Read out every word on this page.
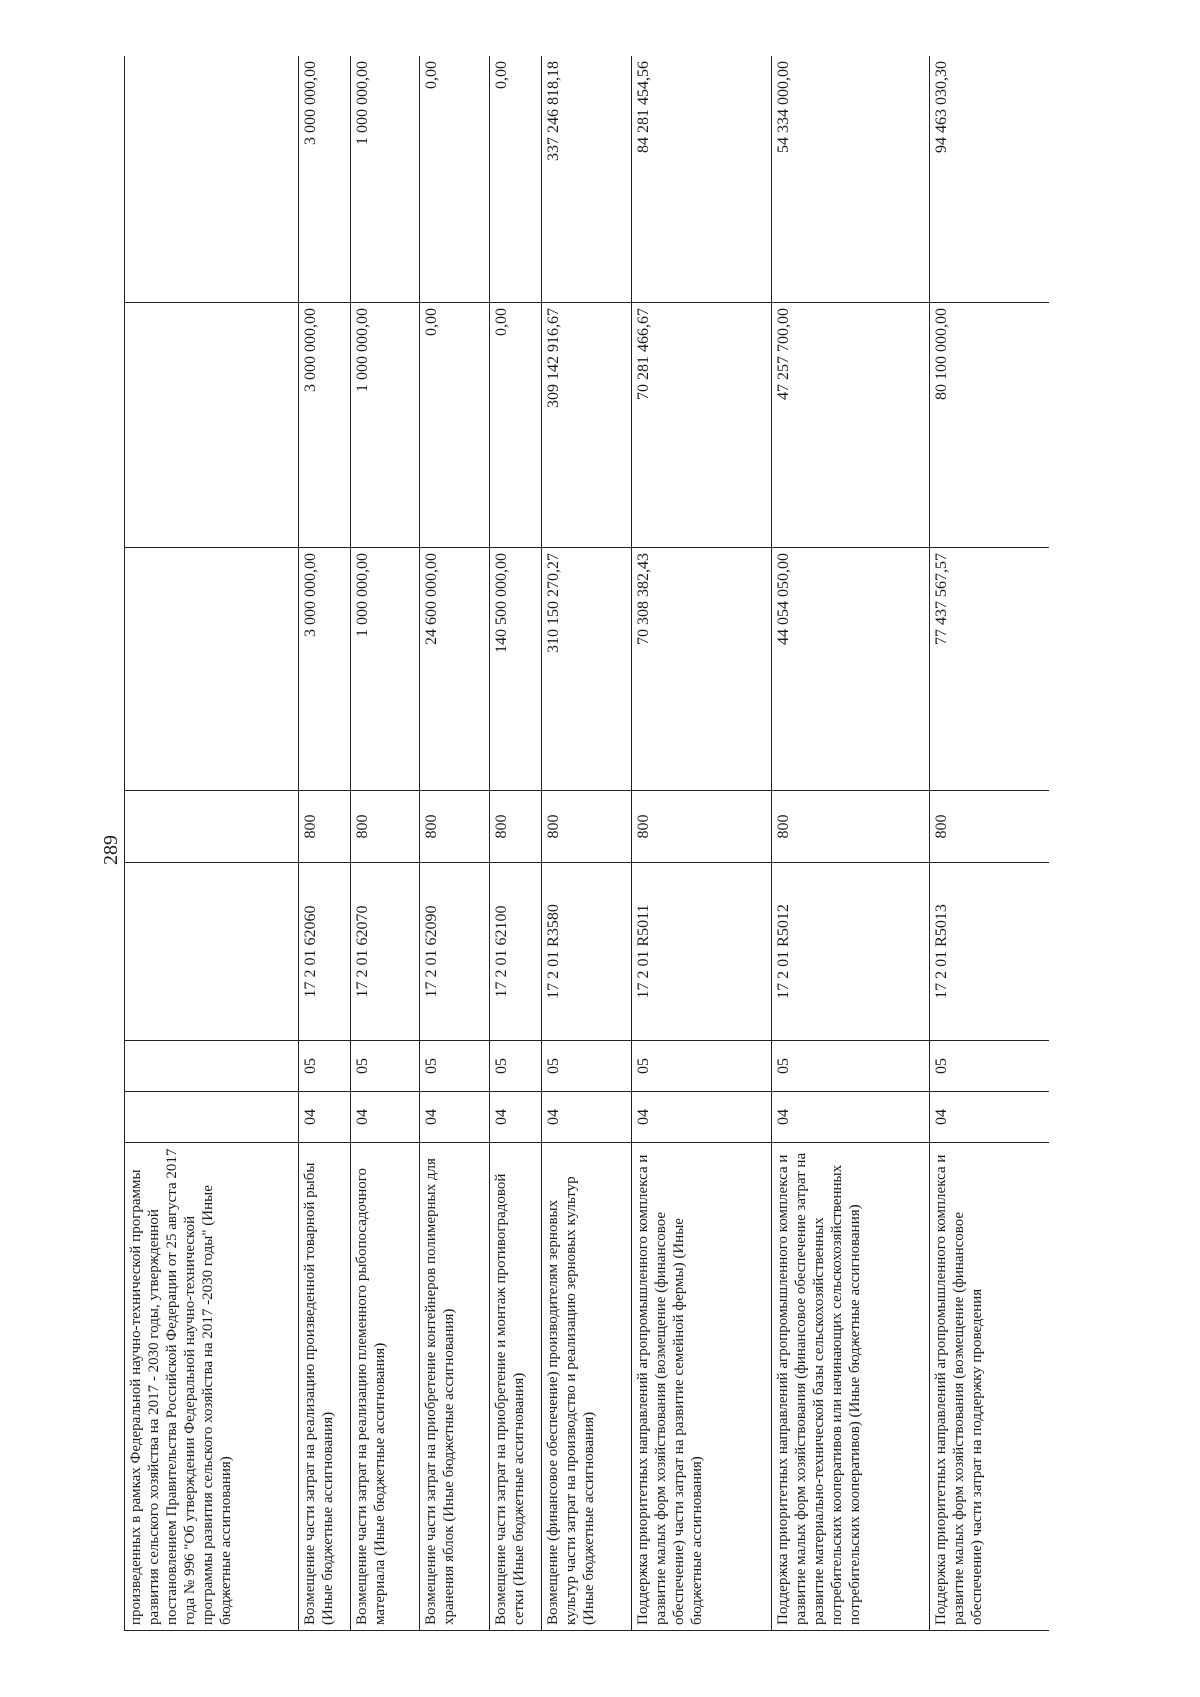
289
произведенных в рамках Федеральной научно-технической программы развития сельского хозяйства на 2017 - 2030 годы, утвержденной постановлением Правительства Российской Федерации от 25 августа 2017 года № 996 "Об утверждении Федеральной научно-технической программы развития сельского хозяйства на 2017 -2030 годы" (Иные бюджетные ассигнования)							
Возмещение части затрат на реализацию произведенной товарной рыбы (Иные бюджетные ассигнования)	04	05	17 2 01 62060	800	3 000 000,00	3 000 000,00	3 000 000,00
Возмещение части затрат на реализацию племенного рыбопосадочного материала (Иные бюджетные ассигнования)	04	05	17 2 01 62070	800	1 000 000,00	1 000 000,00	1 000 000,00
Возмещение части затрат на приобретение контейнеров полимерных для хранения яблок (Иные бюджетные ассигнования)	04	05	17 2 01 62090	800	24 600 000,00	0,00	0,00
Возмещение части затрат на приобретение и монтаж противоградовой сетки (Иные бюджетные ассигнования)	04	05	17 2 01 62100	800	140 500 000,00	0,00	0,00
Возмещение (финансовое обеспечение) производителям зерновых культур части затрат на производство и реализацию зерновых культур (Иные бюджетные ассигнования)	04	05	17 2 01 R3580	800	310 150 270,27	309 142 916,67	337 246 818,18
Поддержка приоритетных направлений агропромышленного комплекса и развитие малых форм хозяйствования (возмещение (финансовое обеспечение) части затрат на развитие семейной фермы) (Иные бюджетные ассигнования)	04	05	17 2 01 R5011	800	70 308 382,43	70 281 466,67	84 281 454,56
Поддержка приоритетных направлений агропромышленного комплекса и развитие малых форм хозяйствования (финансовое обеспечение затрат на развитие материально-технической базы сельскохозяйственных потребительских кооперативов или начинающих сельскохозяйственных потребительских кооперативов) (Иные бюджетные ассигнования)	04	05	17 2 01 R5012	800	44 054 050,00	47 257 700,00	54 334 000,00
Поддержка приоритетных направлений агропромышленного комплекса и развитие малых форм хозяйствования (возмещение (финансовое обеспечение) части затрат на поддержку проведения	04	05	17 2 01 R5013	800	77 437 567,57	80 100 000,00	94 463 030,30
